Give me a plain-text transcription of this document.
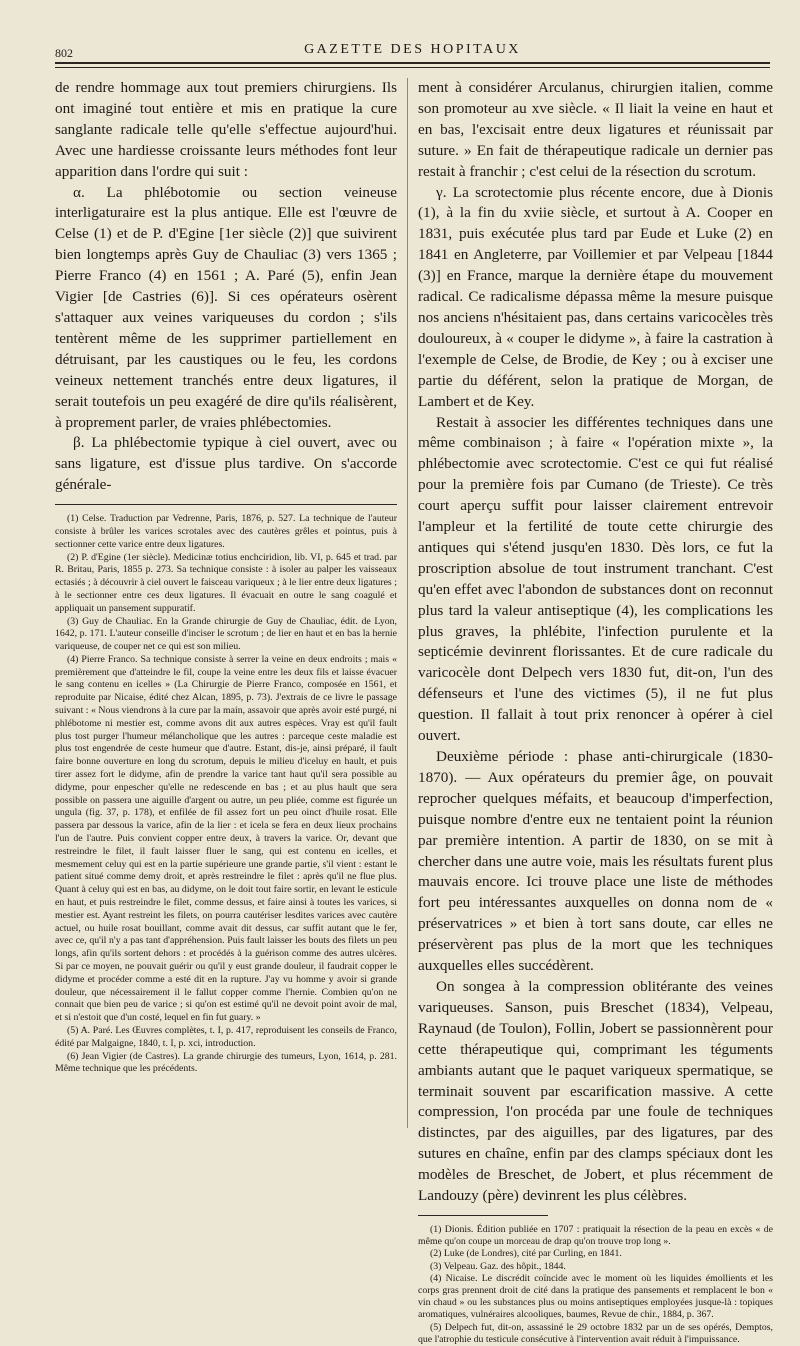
802	GAZETTE DES HOPITAUX

de rendre hommage aux tout premiers chirurgiens. Ils ont imaginé tout entière et mis en pratique la cure sanglante radicale telle qu'elle s'effectue aujourd'hui. Avec une hardiesse croissante leurs méthodes font leur apparition dans l'ordre qui suit :

α. La phlébotomie ou section veineuse interligaturaire est la plus antique. Elle est l'œuvre de Celse (1) et de P. d'Egine [1er siècle (2)] que suivirent bien longtemps après Guy de Chauliac (3) vers 1365 ; Pierre Franco (4) en 1561 ; A. Paré (5), enfin Jean Vigier [de Castries (6)]. Si ces opérateurs osèrent s'attaquer aux veines variqueuses du cordon ; s'ils tentèrent même de les supprimer partiellement en détruisant, par les caustiques ou le feu, les cordons veineux nettement tranchés entre deux ligatures, il serait toutefois un peu exagéré de dire qu'ils réalisèrent, à proprement parler, de vraies phlébectomies.

β. La phlébectomie typique à ciel ouvert, avec ou sans ligature, est d'issue plus tardive. On s'accorde générale-

(1) Celse. Traduction par Vedrenne, Paris, 1876, p. 527. La technique de l'auteur consiste à brûler les varices scrotales avec des cautères grêles et pointus, puis à sectionner cette varice entre deux ligatures.

(2) P. d'Egine (1er siècle). Medicinæ totius enchciridion, lib. VI, p. 645 et trad. par R. Britau, Paris, 1855 p. 273. Sa technique consiste : à isoler au palper les vaisseaux ectasiés ; à découvrir à ciel ouvert le faisceau variqueux ; à le lier entre deux ligatures ; à le sectionner entre ces deux ligatures. Il évacuait en outre le sang coagulé et appliquait un pansement suppuratif.

(3) Guy de Chauliac. En la Grande chirurgie de Guy de Chauliac, édit. de Lyon, 1642, p. 171. L'auteur conseille d'inciser le scrotum ; de lier en haut et en bas la hernie variqueuse, de couper net ce qui est son milieu.

(4) Pierre Franco. Sa technique consiste à serrer la veine en deux endroits ; mais « premièrement que d'atteindre le fil, coupe la veine entre les deux fils et laisse évacuer le sang contenu en icelles » (La Chirurgie de Pierre Franco, composée en 1561, et reproduite par Nicaise, édité chez Alcan, 1895, p. 73). J'extrais de ce livre le passage suivant : « Nous viendrons à la cure par la main, assavoir que après avoir esté purgé, ni phlébotome ni mestier est, comme avons dit aux autres espèces. Vray est qu'il fault plus tost purger l'humeur mélancholique que les autres : parceque ceste maladie est plus tost engendrée de ceste humeur que d'autre. Estant, dis-je, ainsi préparé, il fault faire bonne ouverture en long du scrotum, depuis le milieu d'iceluy en hault, et puis tirer assez fort le didyme, afin de prendre la varice tant haut qu'il sera possible au didyme, pour enpescher qu'elle ne redescende en bas ; et au plus hault que sera possible on passera une aiguille d'argent ou autre, un peu pliée, comme est figurée un ungula (fig. 37, p. 178), et enfilée de fil assez fort un peu oinct d'huile rosat. Elle passera par dessous la varice, afin de la lier : et icela se fera en deux lieux prochains l'un de l'autre. Puis convient copper entre deux, à travers la varice. Or, devant que restreindre le filet, il fault laisser fluer le sang, qui est contenu en icelles, et mesmement celuy qui est en la partie supérieure une grande partie, s'il vient : estant le patient situé comme demy droit, et après restreindre le filet : après qu'il ne flue plus. Quant à celuy qui est en bas, au didyme, on le doit tout faire sortir, en levant le esticule en haut, et puis restreindre le filet, comme dessus, et faire ainsi à toutes les varices, si mestier est. Ayant restreint les filets, on pourra cautériser lesdites varices avec cautère actuel, ou huile rosat bouillant, comme avait dit dessus, car suffit autant que le fer, avec ce, qu'il n'y a pas tant d'appréhension. Puis fault laisser les bouts des filets un peu longs, afin qu'ils sortent dehors : et procédés à la guérison comme des autres ulcères. Si par ce moyen, ne pouvait guérir ou qu'il y eust grande douleur, il faudrait copper le didyme et procéder comme a esté dit en la rupture. J'ay vu homme y avoir si grande douleur, que nécessairement il le fallut copper comme l'hernie. Combien qu'on ne connait que bien peu de varice ; si qu'on est estimé qu'il ne devoit point avoir de mal, et si n'estoit que d'un costé, lequel en fin fut guary. »

(5) A. Paré. Les Œuvres complètes, t. I, p. 417, reproduisent les conseils de Franco, édité par Malgaigne, 1840, t. I, p. xci, introduction.

(6) Jean Vigier (de Castres). La grande chirurgie des tumeurs, Lyon, 1614, p. 281. Même technique que les précédents.

ment à considérer Arculanus, chirurgien italien, comme son promoteur au xve siècle. « Il liait la veine en haut et en bas, l'excisait entre deux ligatures et réunissait par suture. » En fait de thérapeutique radicale un dernier pas restait à franchir ; c'est celui de la résection du scrotum.

γ. La scrotectomie plus récente encore, due à Dionis (1), à la fin du xviie siècle, et surtout à A. Cooper en 1831, puis exécutée plus tard par Eude et Luke (2) en 1841 en Angleterre, par Voillemier et par Velpeau [1844 (3)] en France, marque la dernière étape du mouvement radical. Ce radicalisme dépassa même la mesure puisque nos anciens n'hésitaient pas, dans certains varicocèles très douloureux, à « couper le didyme », à faire la castration à l'exemple de Celse, de Brodie, de Key ; ou à exciser une partie du déférent, selon la pratique de Morgan, de Lambert et de Key.

Restait à associer les différentes techniques dans une même combinaison ; à faire « l'opération mixte », la phlébectomie avec scrotectomie. C'est ce qui fut réalisé pour la première fois par Cumano (de Trieste). Ce très court aperçu suffit pour laisser clairement entrevoir l'ampleur et la fertilité de toute cette chirurgie des antiques qui s'étend jusqu'en 1830. Dès lors, ce fut la proscription absolue de tout instrument tranchant. C'est qu'en effet avec l'abondon de substances dont on reconnut plus tard la valeur antiseptique (4), les complications les plus graves, la phlébite, l'infection purulente et la septicémie devinrent florissantes. Et de cure radicale du varicocèle dont Delpech vers 1830 fut, dit-on, l'un des défenseurs et l'une des victimes (5), il ne fut plus question. Il fallait à tout prix renoncer à opérer à ciel ouvert.

Deuxième période : phase anti-chirurgicale (1830-1870). — Aux opérateurs du premier âge, on pouvait reprocher quelques méfaits, et beaucoup d'imperfection, puisque nombre d'entre eux ne tentaient point la réunion par première intention. A partir de 1830, on se mit à chercher dans une autre voie, mais les résultats furent plus mauvais encore. Ici trouve place une liste de méthodes fort peu intéressantes auxquelles on donna nom de « préservatrices » et bien à tort sans doute, car elles ne préservèrent pas plus de la mort que les techniques auxquelles elles succédèrent.

On songea à la compression oblitérante des veines variqueuses. Sanson, puis Breschet (1834), Velpeau, Raynaud (de Toulon), Follin, Jobert se passionnèrent pour cette thérapeutique qui, comprimant les téguments ambiants autant que le paquet variqueux spermatique, se terminait souvent par escarification massive. A cette compression, l'on procéda par une foule de techniques distinctes, par des aiguilles, par des ligatures, par des sutures en chaîne, enfin par des clamps spéciaux dont les modèles de Breschet, de Jobert, et plus récemment de Landouzy (père) devinrent les plus célèbres.

(1) Dionis. Édition publiée en 1707 : pratiquait la résection de la peau en excès « de même qu'on coupe un morceau de drap qu'on trouve trop long ».

(2) Luke (de Londres), cité par Curling, en 1841.

(3) Velpeau. Gaz. des hôpit., 1844.

(4) Nicaise. Le discrédit coïncide avec le moment où les liquides émollients et les corps gras prennent droit de cité dans la pratique des pansements et remplacent le bon « vin chaud » ou les substances plus ou moins antiseptiques employées jusque-là : topiques aromatiques, vulnéraires alcooliques, baumes, Revue de chir., 1884, p. 367.

(5) Delpech fut, dit-on, assassiné le 29 octobre 1832 par un de ses opérés, Demptos, que l'atrophie du testicule consécutive à l'intervention avait réduit à l'impuissance.
